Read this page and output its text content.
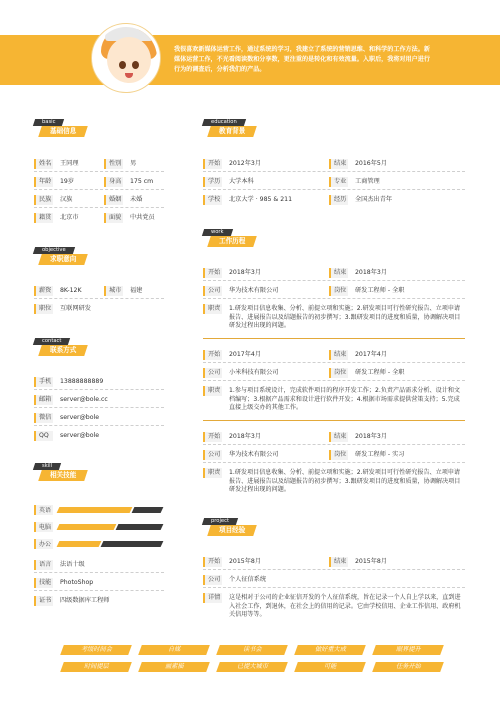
我很喜欢新媒体运营工作，通过系统的学习，我建立了系统的营销思维、和科学的工作方法。新媒体运营工作，不光看阅读数和分享数，更注重的是转化和有效流量。入职后，我将对用户进行行为的调查后，分析我们的产品。
basic
基础信息
姓名 王同理	性别 男
年龄 19岁	身高 175 cm
民族 汉族	婚姻 未婚
籍贯 北京市	面貌 中共党员
objective
求职意向
薪资 8K-12K	城市 福建
职位 互联网研发
contact
联系方式
手机 13888888889
邮箱 server@bole.cc
微信 server@bole
QQ	server@bole
skill
相关技能
英语
电脑
办公
语言 法语十级
技能 PhotoShop
证书 四级数据库工程师
education
教育背景
开始 2012年3月	结束 2016年5月
学历 大学本科	专业 工商管理
学校 北京大学 · 985 & 211	经历 全国杰出青年
work
工作历程
开始 2018年3月	结束 2018年3月
公司 华为技术有限公司	岗位 研发工程师 - 全职
职责 1.研发项目信息收集、分析、前提立项和实施；2.研发项目可行性研究报告、立项申请报告、进展报告以及结题报告的初步撰写；3.跟研发项目的进度和质量，协调解决项目研发过程出现的问题。
开始 2017年4月	结束 2017年4月
公司 小米科技有限公司	岗位 研发工程师 - 全职
职责 1.参与项目系统设计，完成软件项目的程序开发工作；2.负责产品需求分析、设计和文档编写；3.根据产品需求和设计进行软件开发；4.根据市场需求提供营策支持；5.完成直接上级交办的其他工作。
开始 2018年3月	结束 2018年3月
公司 华为技术有限公司	岗位 研发工程师 - 实习
职责 1.研发项目信息收集、分析、前提立项和实施；2.研发项目可行性研究报告、立项申请报告、进展报告以及结题报告的初步撰写；3.跟研发项目的进度和质量，协调解决项目研发过程出现的问题。
project
项目经验
开始 2015年8月	结束 2015年8月
公司 个人征信系统
详情 这是相对于公司的企业征信开发的个人征信系统，旨在记录一个人自上学以来，直到进入社会工作，到退休，在社会上的信用的记录。它由学校信用、企业工作信用、政府机关信用等等。
考级时间会	自媒	读书会	做好重大成	眼界提升
时间提层	画素描	已提大城市	可能	任务开始
